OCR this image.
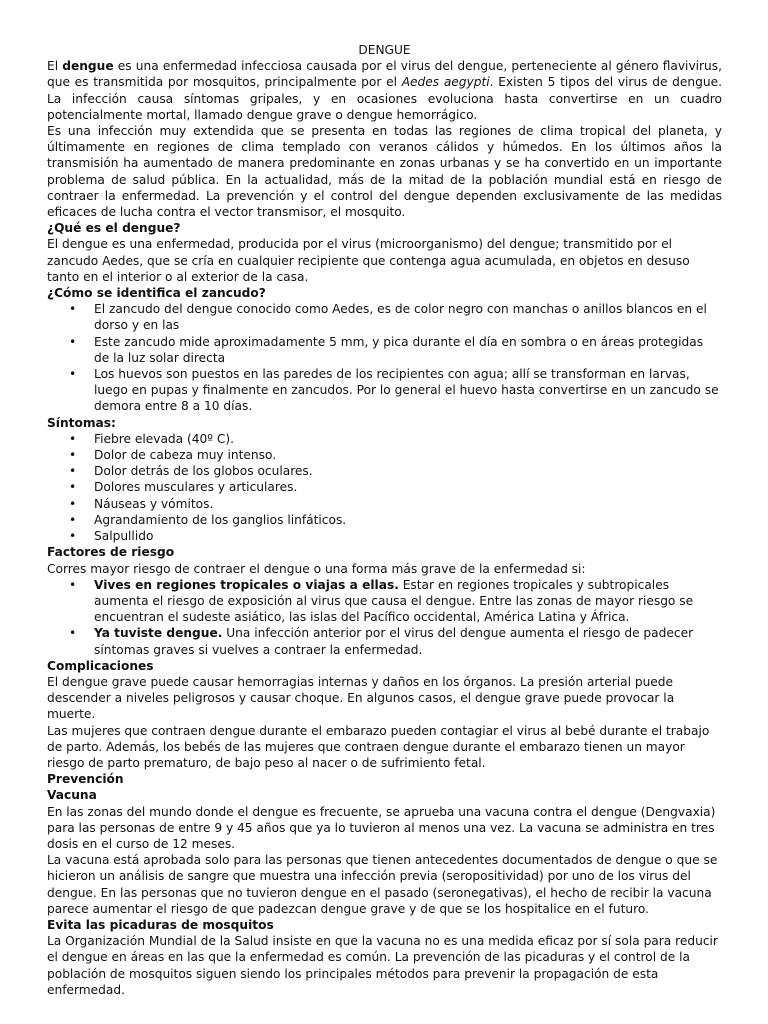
DENGUE

El dengue es una enfermedad infecciosa causada por el virus del dengue, perteneciente al género flavivirus, que es transmitida por mosquitos, principalmente por el Aedes aegypti. Existen 5 tipos del virus de dengue. La infección causa síntomas gripales, y en ocasiones evoluciona hasta convertirse en un cuadro potencialmente mortal, llamado dengue grave o dengue hemorrágico.

Es una infección muy extendida que se presenta en todas las regiones de clima tropical del planeta, y últimamente en regiones de clima templado con veranos cálidos y húmedos. En los últimos años la transmisión ha aumentado de manera predominante en zonas urbanas y se ha convertido en un importante problema de salud pública. En la actualidad, más de la mitad de la población mundial está en riesgo de contraer la enfermedad. La prevención y el control del dengue dependen exclusivamente de las medidas eficaces de lucha contra el vector transmisor, el mosquito.

¿Qué es el dengue?

El dengue es una enfermedad, producida por el virus (microorganismo) del dengue; transmitido por el zancudo Aedes, que se cría en cualquier recipiente que contenga agua acumulada, en objetos en desuso tanto en el interior o al exterior de la casa.

¿Cómo se identifica el zancudo?
• El zancudo del dengue conocido como Aedes, es de color negro con manchas o anillos blancos en el dorso y en las
• Este zancudo mide aproximadamente 5 mm, y pica durante el día en sombra o en áreas protegidas de la luz solar directa
• Los huevos son puestos en las paredes de los recipientes con agua; allí se transforman en larvas, luego en pupas y finalmente en zancudos. Por lo general el huevo hasta convertirse en un zancudo se demora entre 8 a 10 días.
Síntomas:
• Fiebre elevada (40º C).
• Dolor de cabeza muy intenso.
• Dolor detrás de los globos oculares.
• Dolores musculares y articulares.
• Náuseas y vómitos.
• Agrandamiento de los ganglios linfáticos.
• Salpullido
Factores de riesgo

Corres mayor riesgo de contraer el dengue o una forma más grave de la enfermedad si:

• Vives en regiones tropicales o viajas a ellas. Estar en regiones tropicales y subtropicales aumenta el riesgo de exposición al virus que causa el dengue. Entre las zonas de mayor riesgo se encuentran el sudeste asiático, las islas del Pacífico occidental, América Latina y África.
• Ya tuviste dengue. Una infección anterior por el virus del dengue aumenta el riesgo de padecer síntomas graves si vuelves a contraer la enfermedad.
Complicaciones

El dengue grave puede causar hemorragias internas y daños en los órganos. La presión arterial puede descender a niveles peligrosos y causar choque. En algunos casos, el dengue grave puede provocar la muerte.

Las mujeres que contraen dengue durante el embarazo pueden contagiar el virus al bebé durante el trabajo de parto. Además, los bebés de las mujeres que contraen dengue durante el embarazo tienen un mayor riesgo de parto prematuro, de bajo peso al nacer o de sufrimiento fetal.

Prevención
Vacuna

En las zonas del mundo donde el dengue es frecuente, se aprueba una vacuna contra el dengue (Dengvaxia) para las personas de entre 9 y 45 años que ya lo tuvieron al menos una vez. La vacuna se administra en tres dosis en el curso de 12 meses.

La vacuna está aprobada solo para las personas que tienen antecedentes documentados de dengue o que se hicieron un análisis de sangre que muestra una infección previa (seropositividad) por uno de los virus del dengue. En las personas que no tuvieron dengue en el pasado (seronegativas), el hecho de recibir la vacuna parece aumentar el riesgo de que padezcan dengue grave y de que se los hospitalice en el futuro.

Evita las picaduras de mosquitos

La Organización Mundial de la Salud insiste en que la vacuna no es una medida eficaz por sí sola para reducir el dengue en áreas en las que la enfermedad es común. La prevención de las picaduras y el control de la población de mosquitos siguen siendo los principales métodos para prevenir la propagación de esta enfermedad.
